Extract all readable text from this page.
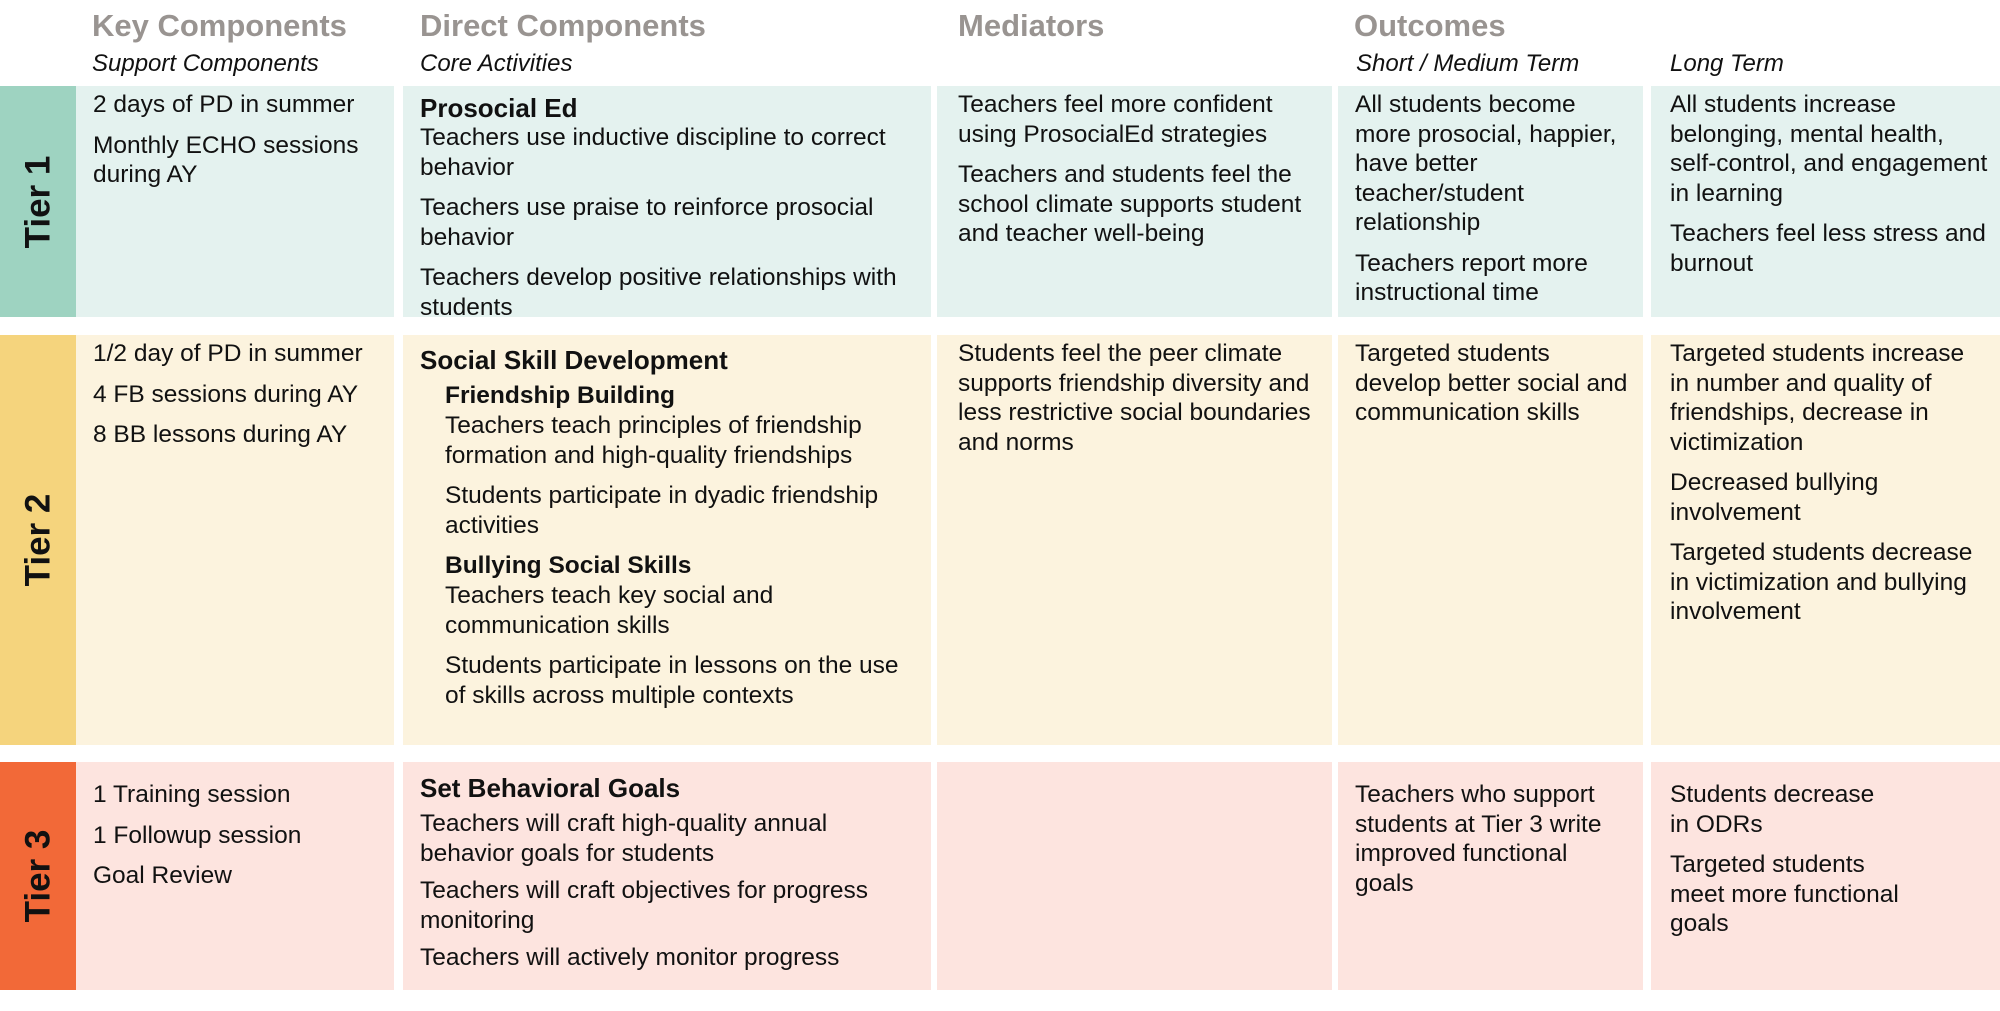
Key Components
Support Components
Direct Components
Core Activities
Mediators	Outcomes
Short / Medium Term	Long Term
Tier 1
2 days of PD in summer
Monthly ECHO sessions during AY
Prosocial Ed
Teachers use inductive discipline to correct behavior
Teachers use praise to reinforce prosocial behavior
Teachers develop positive relationships with students
Teachers feel more confident using ProsocialEd strategies
Teachers and students feel the school climate supports student and teacher well-being
All students become more prosocial, happier, have better teacher/student relationship
Teachers report more instructional time
All students increase belonging, mental health, self-control, and engagement in learning
Teachers feel less stress and burnout
Tier 2
1/2 day of PD in summer
4 FB sessions during AY
8 BB lessons during AY
Social Skill Development
Friendship Building
Teachers teach principles of friendship formation and high-quality friendships
Students participate in dyadic friendship activities
Bullying Social Skills
Teachers teach key social and communication skills
Students participate in lessons on the use of skills across multiple contexts
Students feel the peer climate supports friendship diversity and less restrictive social boundaries and norms
Targeted students develop better social and communication skills
Targeted students increase in number and quality of friendships, decrease in victimization
Decreased bullying involvement
Targeted students decrease in victimization and bullying involvement
Tier 3
1 Training session
1 Followup session
Goal Review
Set Behavioral Goals
Teachers will craft high-quality annual behavior goals for students
Teachers will craft objectives for progress monitoring
Teachers will actively monitor progress
Teachers who support students at Tier 3 write improved functional goals
Students decrease in ODRs
Targeted students meet more functional goals
